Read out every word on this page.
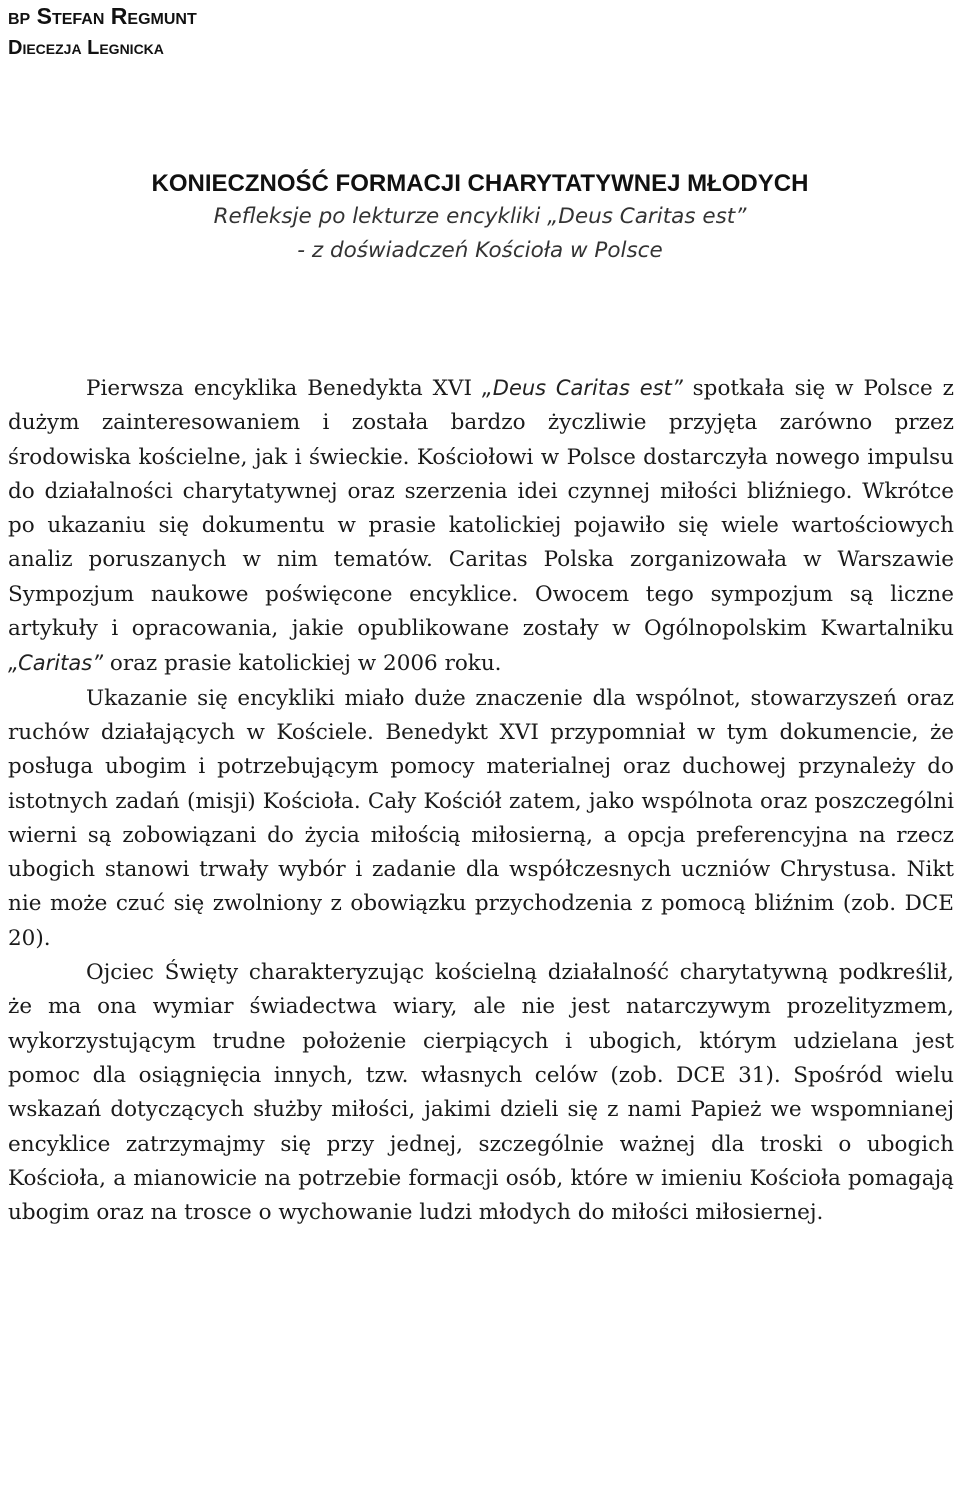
bp Stefan Regmunt
Diecezja Legnicka

KONIECZNOŚĆ FORMACJI CHARYTATYWNEJ MŁODYCH

Refleksje po lekturze encykliki „Deus Caritas est”

- z doświadczeń Kościoła w Polsce

Pierwsza encyklika Benedykta XVI „Deus Caritas est” spotkała się w Polsce z dużym zainteresowaniem i została bardzo życzliwie przyjęta zarówno przez środowiska kościelne, jak i świeckie. Kościołowi w Polsce dostarczyła nowego impulsu do działalności charytatywnej oraz szerzenia idei czynnej miłości bliźniego. Wkrótce po ukazaniu się dokumentu w prasie katolickiej pojawiło się wiele wartościowych analiz poruszanych w nim tematów. Caritas Polska zorganizowała w Warszawie Sympozjum naukowe poświęcone encyklice. Owocem tego sympozjum są liczne artykuły i opracowania, jakie opublikowane zostały w Ogólnopolskim Kwartalniku „Caritas” oraz prasie katolickiej w 2006 roku.

Ukazanie się encykliki miało duże znaczenie dla wspólnot, stowarzyszeń oraz ruchów działających w Kościele. Benedykt XVI przypomniał w tym dokumencie, że posługa ubogim i potrzebującym pomocy materialnej oraz duchowej przynależy do istotnych zadań (misji) Kościoła. Cały Kościół zatem, jako wspólnota oraz poszczególni wierni są zobowiązani do życia miłością miłosierną, a opcja preferencyjna na rzecz ubogich stanowi trwały wybór i zadanie dla współczesnych uczniów Chrystusa. Nikt nie może czuć się zwolniony z obowiązku przychodzenia z pomocą bliźnim (zob. DCE 20).

Ojciec Święty charakteryzując kościelną działalność charytatywną podkreślił, że ma ona wymiar świadectwa wiary, ale nie jest natarczywym prozelityzmem, wykorzystującym trudne położenie cierpiących i ubogich, którym udzielana jest pomoc dla osiągnięcia innych, tzw. własnych celów (zob. DCE 31). Spośród wielu wskazań dotyczących służby miłości, jakimi dzieli się z nami Papież we wspomnianej encyklice zatrzymajmy się przy jednej, szczególnie ważnej dla troski o ubogich Kościoła, a mianowicie na potrzebie formacji osób, które w imieniu Kościoła pomagają ubogim oraz na trosce o wychowanie ludzi młodych do miłości miłosiernej.
